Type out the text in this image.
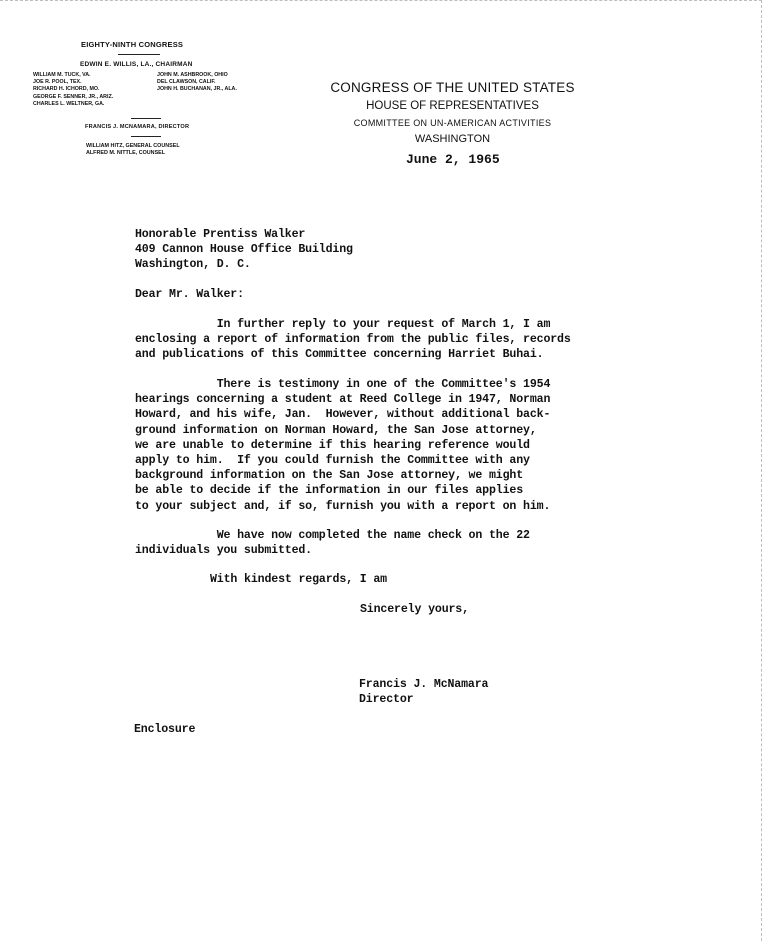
EIGHTY-NINTH CONGRESS
EDWIN E. WILLIS, LA., CHAIRMAN
WILLIAM M. TUCK, VA.
JOE R. POOL, TEX.
RICHARD H. ICHORD, MO.
GEORGE F. SENNER, JR., ARIZ.
CHARLES L. WELTNER, GA.
JOHN M. ASHBROOK, OHIO
DEL CLAWSON, CALIF.
JOHN H. BUCHANAN, JR., ALA.
FRANCIS J. MCNAMARA, DIRECTOR
WILLIAM HITZ, GENERAL COUNSEL
ALFRED M. NITTLE, COUNSEL
CONGRESS OF THE UNITED STATES
HOUSE OF REPRESENTATIVES
COMMITTEE ON UN-AMERICAN ACTIVITIES
WASHINGTON
June 2, 1965
Honorable Prentiss Walker
409 Cannon House Office Building
Washington, D. C.
Dear Mr. Walker:
In further reply to your request of March 1, I am
enclosing a report of information from the public files, records
and publications of this Committee concerning Harriet Buhai.
There is testimony in one of the Committee's 1954
hearings concerning a student at Reed College in 1947, Norman
Howard, and his wife, Jan.  However, without additional back-
ground information on Norman Howard, the San Jose attorney,
we are unable to determine if this hearing reference would
apply to him.  If you could furnish the Committee with any
background information on the San Jose attorney, we might
be able to decide if the information in our files applies
to your subject and, if so, furnish you with a report on him.
We have now completed the name check on the 22
individuals you submitted.
With kindest regards, I am
Sincerely yours,
Francis J. McNamara
Director
Enclosure
